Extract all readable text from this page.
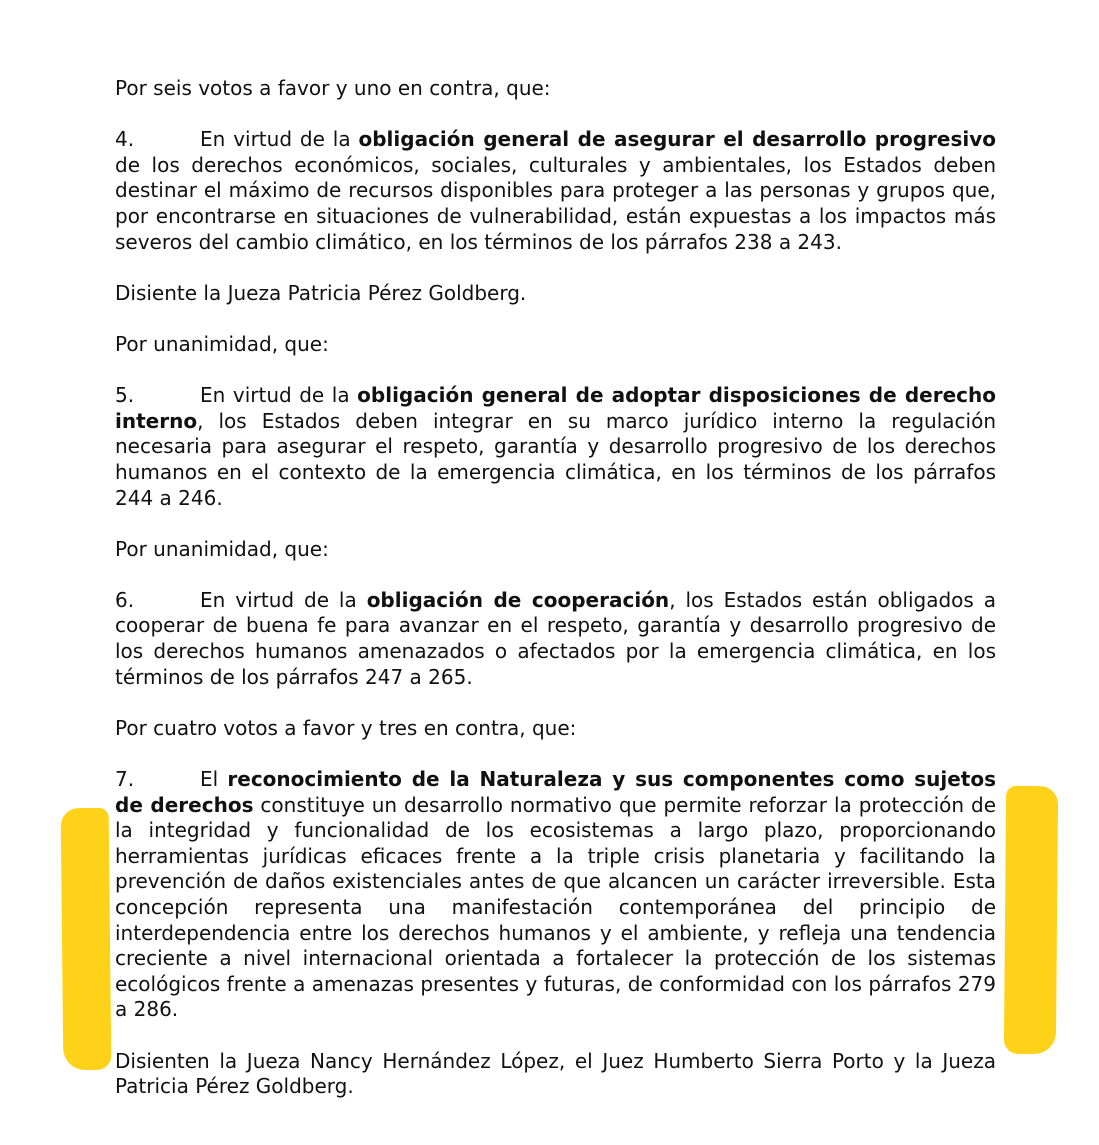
Por seis votos a favor y uno en contra, que:

4.	En virtud de la obligación general de asegurar el desarrollo progresivo de los derechos económicos, sociales, culturales y ambientales, los Estados deben destinar el máximo de recursos disponibles para proteger a las personas y grupos que, por encontrarse en situaciones de vulnerabilidad, están expuestas a los impactos más severos del cambio climático, en los términos de los párrafos 238 a 243.

Disiente la Jueza Patricia Pérez Goldberg.

Por unanimidad, que:

5.	En virtud de la obligación general de adoptar disposiciones de derecho interno, los Estados deben integrar en su marco jurídico interno la regulación necesaria para asegurar el respeto, garantía y desarrollo progresivo de los derechos humanos en el contexto de la emergencia climática, en los términos de los párrafos 244 a 246.

Por unanimidad, que:

6.	En virtud de la obligación de cooperación, los Estados están obligados a cooperar de buena fe para avanzar en el respeto, garantía y desarrollo progresivo de los derechos humanos amenazados o afectados por la emergencia climática, en los términos de los párrafos 247 a 265.

Por cuatro votos a favor y tres en contra, que:

7.	El reconocimiento de la Naturaleza y sus componentes como sujetos de derechos constituye un desarrollo normativo que permite reforzar la protección de la integridad y funcionalidad de los ecosistemas a largo plazo, proporcionando herramientas jurídicas eficaces frente a la triple crisis planetaria y facilitando la prevención de daños existenciales antes de que alcancen un carácter irreversible. Esta concepción representa una manifestación contemporánea del principio de interdependencia entre los derechos humanos y el ambiente, y refleja una tendencia creciente a nivel internacional orientada a fortalecer la protección de los sistemas ecológicos frente a amenazas presentes y futuras, de conformidad con los párrafos 279 a 286.

Disienten la Jueza Nancy Hernández López, el Juez Humberto Sierra Porto y la Jueza Patricia Pérez Goldberg.
